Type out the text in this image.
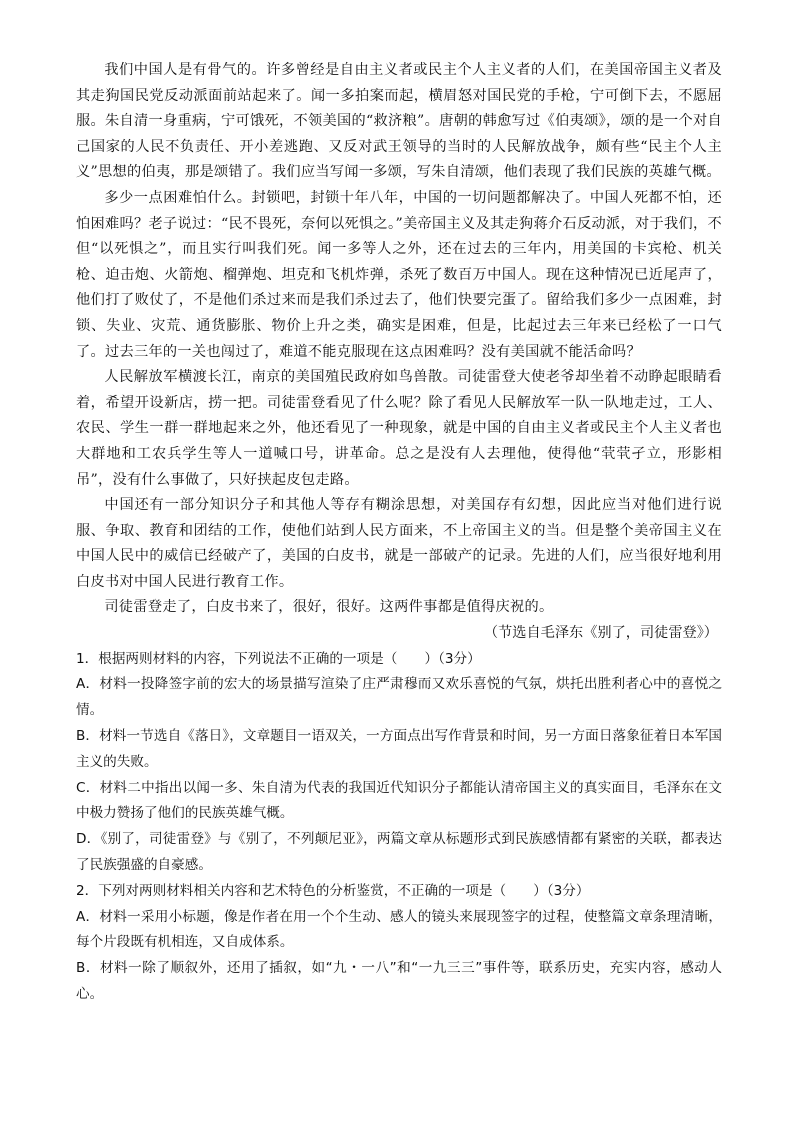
我们中国人是有骨气的。许多曾经是自由主义者或民主个人主义者的人们，在美国帝国主义者及其走狗国民党反动派面前站起来了。闻一多拍案而起，横眉怒对国民党的手枪，宁可倒下去，不愿屈服。朱自清一身重病，宁可饿死，不领美国的“救济粮”。唐朝的韩愈写过《伯夷颂》，颂的是一个对自己国家的人民不负责任、开小差逃跑、又反对武王领导的当时的人民解放战争，颇有些“民主个人主义”思想的伯夷，那是颂错了。我们应当写闻一多颂，写朱自清颂，他们表现了我们民族的英雄气概。

多少一点困难怕什么。封锁吧，封锁十年八年，中国的一切问题都解决了。中国人死都不怕，还怕困难吗？老子说过：“民不畏死，奈何以死惧之。”美帝国主义及其走狗蒋介石反动派，对于我们，不但“以死惧之”，而且实行叫我们死。闻一多等人之外，还在过去的三年内，用美国的卡宾枪、机关枪、迫击炮、火箭炮、榴弹炮、坦克和飞机炸弹，杀死了数百万中国人。现在这种情况已近尾声了，他们打了败仗了，不是他们杀过来而是我们杀过去了，他们快要完蛋了。留给我们多少一点困难，封锁、失业、灾荒、通货膨胀、物价上升之类，确实是困难，但是，比起过去三年来已经松了一口气了。过去三年的一关也闯过了，难道不能克服现在这点困难吗？没有美国就不能活命吗？

人民解放军横渡长江，南京的美国殖民政府如鸟兽散。司徒雷登大使老爷却坐着不动睁起眼睛看着，希望开设新店，捞一把。司徒雷登看见了什么呢？除了看见人民解放军一队一队地走过，工人、农民、学生一群一群地起来之外，他还看见了一种现象，就是中国的自由主义者或民主个人主义者也大群地和工农兵学生等人一道喊口号，讲革命。总之是没有人去理他，使得他“茕茕孑立，形影相吊”，没有什么事做了，只好挟起皮包走路。

中国还有一部分知识分子和其他人等存有糊涂思想，对美国存有幻想，因此应当对他们进行说服、争取、教育和团结的工作，使他们站到人民方面来，不上帝国主义的当。但是整个美帝国主义在中国人民中的威信已经破产了，美国的白皮书，就是一部破产的记录。先进的人们，应当很好地利用白皮书对中国人民进行教育工作。

司徒雷登走了，白皮书来了，很好，很好。这两件事都是值得庆祝的。

（节选自毛泽东《别了，司徒雷登》）

1．根据两则材料的内容，下列说法不正确的一项是（　　）（3分）

A．材料一投降签字前的宏大的场景描写渲染了庄严肃穆而又欢乐喜悦的气氛，烘托出胜利者心中的喜悦之情。

B．材料一节选自《落日》，文章题目一语双关，一方面点出写作背景和时间，另一方面日落象征着日本军国主义的失败。

C．材料二中指出以闻一多、朱自清为代表的我国近代知识分子都能认清帝国主义的真实面目，毛泽东在文中极力赞扬了他们的民族英雄气概。

D．《别了，司徒雷登》与《别了，不列颠尼亚》，两篇文章从标题形式到民族感情都有紧密的关联，都表达了民族强盛的自豪感。

2．下列对两则材料相关内容和艺术特色的分析鉴赏，不正确的一项是（　　）（3分）

A．材料一采用小标题，像是作者在用一个个生动、感人的镜头来展现签字的过程，使整篇文章条理清晰，每个片段既有机相连，又自成体系。

B．材料一除了顺叙外，还用了插叙，如“九・一八”和“一九三三”事件等，联系历史，充实内容，感动人心。
